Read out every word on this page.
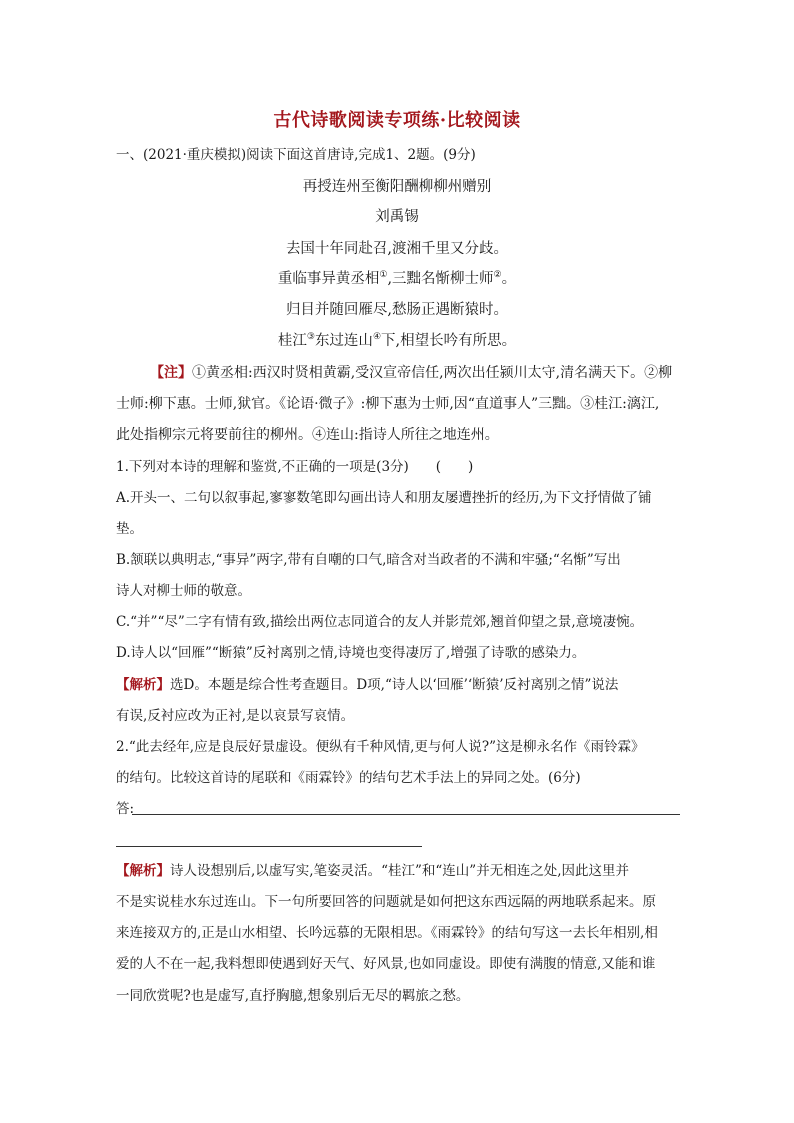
古代诗歌阅读专项练·比较阅读
一、(2021·重庆模拟)阅读下面这首唐诗,完成1、2题。(9分)
再授连州至衡阳酬柳柳州赠别
刘禹锡
去国十年同赴召,渡湘千里又分歧。
重临事异黄丞相①,三黜名惭柳士师②。
归目并随回雁尽,愁肠正遇断猿时。
桂江③东过连山④下,相望长吟有所思。
【注】①黄丞相:西汉时贤相黄霸,受汉宣帝信任,两次出任颍川太守,清名满天下。②柳
士师:柳下惠。士师,狱官。《论语·微子》:柳下惠为士师,因“直道事人”三黜。③桂江:漓江,
此处指柳宗元将要前往的柳州。④连山:指诗人所往之地连州。
1.下列对本诗的理解和鉴赏,不正确的一项是(3分)　　(　　)
A.开头一、二句以叙事起,寥寥数笔即勾画出诗人和朋友屡遭挫折的经历,为下文抒情做了铺
垫。
B.颔联以典明志,“事异”两字,带有自嘲的口气,暗含对当政者的不满和牢骚;“名惭”写出
诗人对柳士师的敬意。
C.“并”“尽”二字有情有致,描绘出两位志同道合的友人并影荒郊,翘首仰望之景,意境凄惋。
D.诗人以“回雁”“断猿”反衬离别之情,诗境也变得凄厉了,增强了诗歌的感染力。
【解析】选D。本题是综合性考查题目。D项,“诗人以‘回雁’‘断猿’反衬离别之情”说法
有误,反衬应改为正衬,是以哀景写哀情。
2.“此去经年,应是良辰好景虚设。便纵有千种风情,更与何人说?”这是柳永名作《雨铃霖》
的结句。比较这首诗的尾联和《雨霖铃》的结句艺术手法上的异同之处。(6分)
答:
【解析】诗人设想别后,以虚写实,笔姿灵活。“桂江”和“连山”并无相连之处,因此这里并
不是实说桂水东过连山。下一句所要回答的问题就是如何把这东西远隔的两地联系起来。原
来连接双方的,正是山水相望、长吟远慕的无限相思。《雨霖铃》的结句写这一去长年相别,相
爱的人不在一起,我料想即使遇到好天气、好风景,也如同虚设。即使有满腹的情意,又能和谁
一同欣赏呢?也是虚写,直抒胸臆,想象别后无尽的羁旅之愁。
